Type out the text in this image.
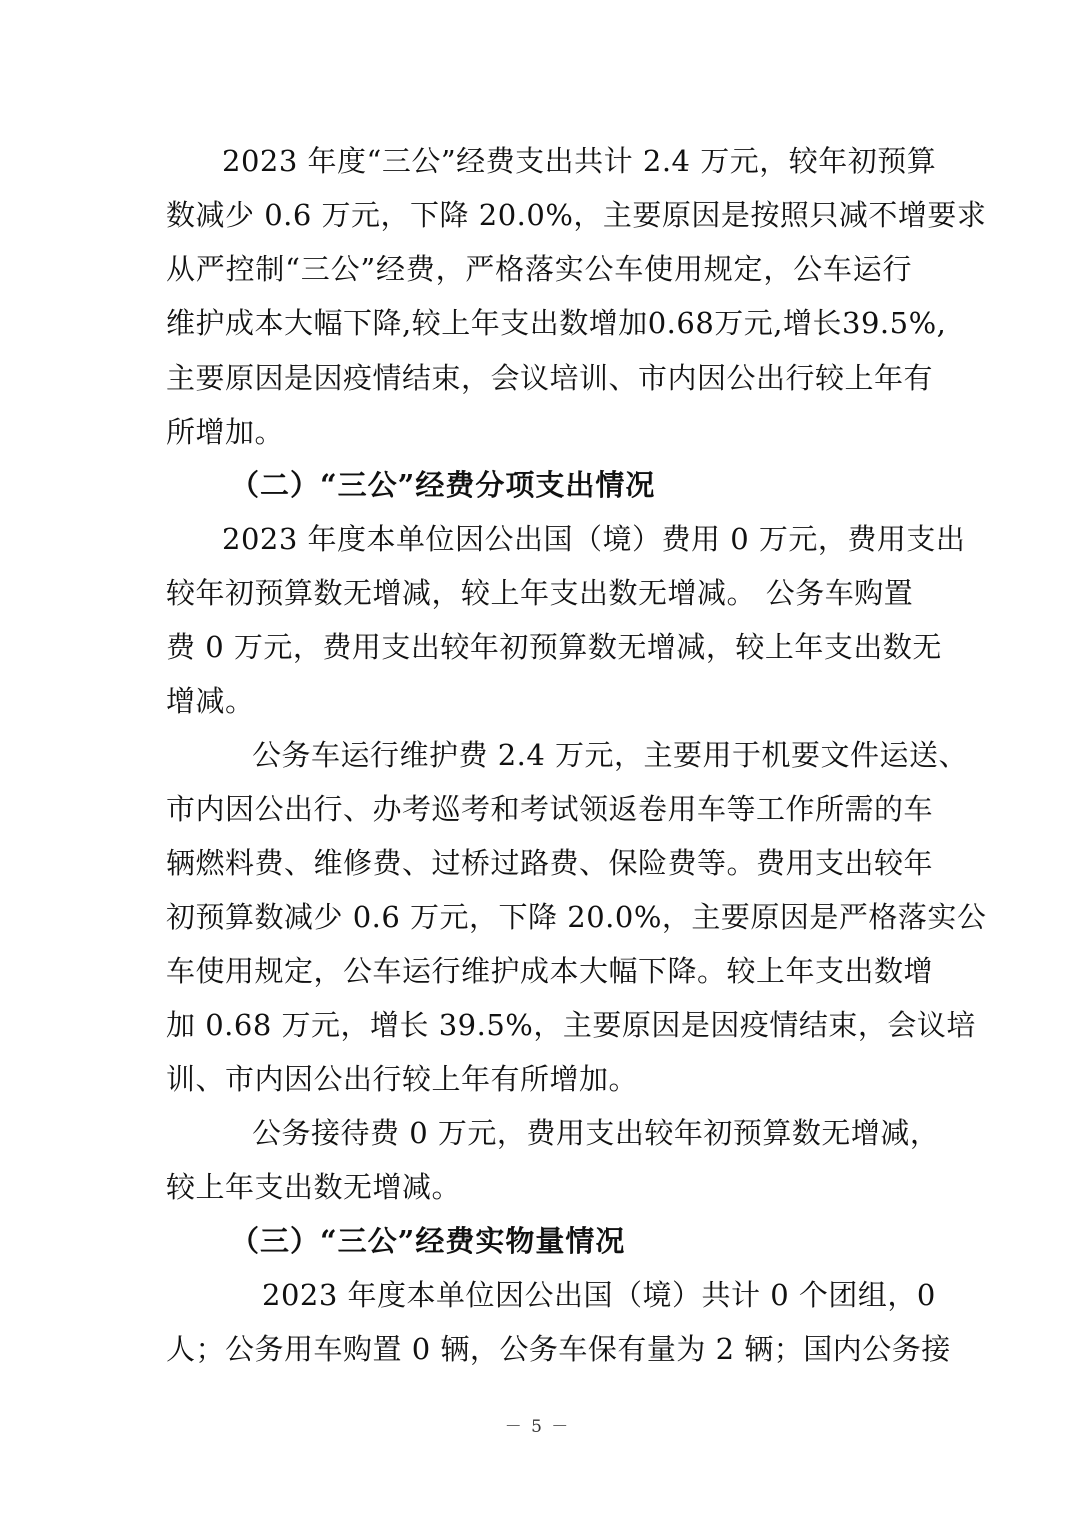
2023 年度“三公”经费支出共计 2.4 万元，较年初预算
数减少 0.6 万元，下降 20.0%，主要原因是按照只减不增要求
从严控制“三公”经费，严格落实公车使用规定，公车运行
维护成本大幅下降,较上年支出数增加0.68万元,增长39.5%,
主要原因是因疫情结束，会议培训、市内因公出行较上年有
所增加。
（二）“三公”经费分项支出情况
2023 年度本单位因公出国（境）费用 0 万元，费用支出
较年初预算数无增减，较上年支出数无增减。 公务车购置
费 0 万元，费用支出较年初预算数无增减，较上年支出数无
增减。
公务车运行维护费 2.4 万元，主要用于机要文件运送、
市内因公出行、办考巡考和考试领返卷用车等工作所需的车
辆燃料费、维修费、过桥过路费、保险费等。费用支出较年
初预算数减少 0.6 万元，下降 20.0%，主要原因是严格落实公
车使用规定，公车运行维护成本大幅下降。较上年支出数增
加 0.68 万元，增长 39.5%，主要原因是因疫情结束，会议培
训、市内因公出行较上年有所增加。
公务接待费 0 万元，费用支出较年初预算数无增减，
较上年支出数无增减。
（三）“三公”经费实物量情况
2023 年度本单位因公出国（境）共计 0 个团组，0
人；公务用车购置 0 辆，公务车保有量为 2 辆；国内公务接
－ 5 －
